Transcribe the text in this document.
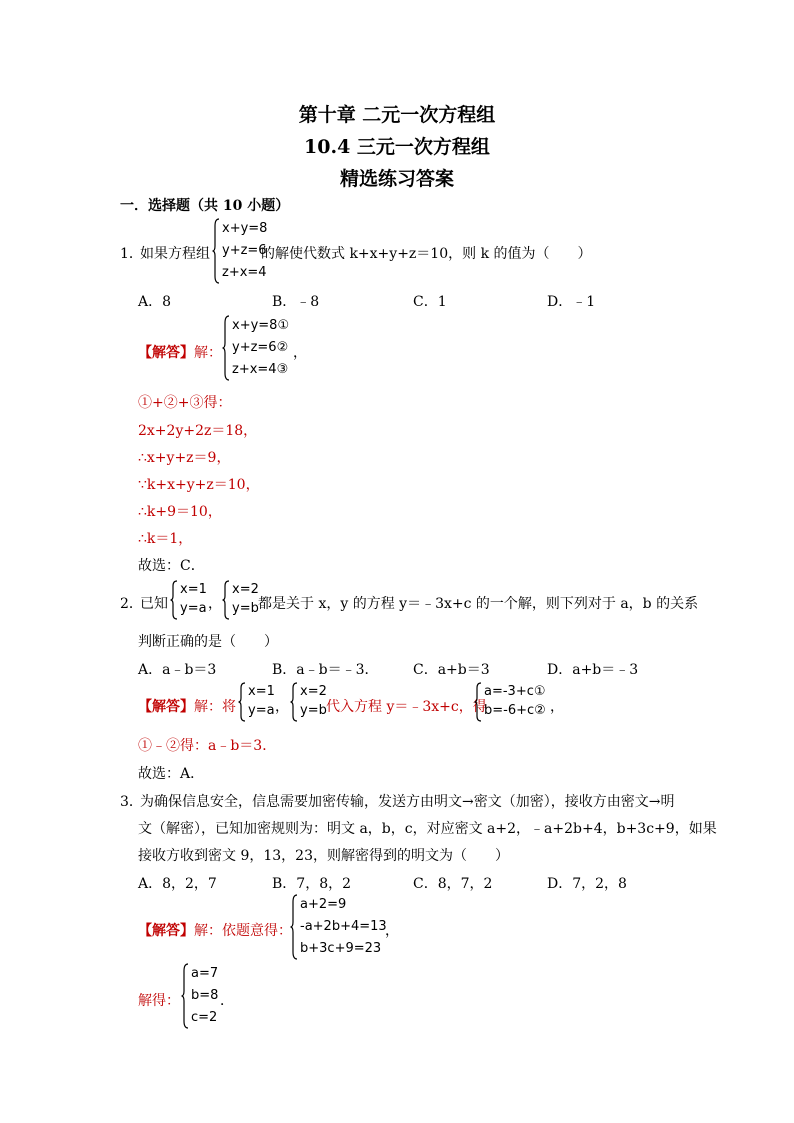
第十章 二元一次方程组
10.4 三元一次方程组
精选练习答案
一．选择题（共 10 小题）
1．
如果方程组
x+y=8
y+z=6
z+x=4
的解使代数式 k+x+y+z＝10，则 k 的值为（　　）
A．8	B．﹣8	C．1	D．﹣1
【解答】 解：
x+y=8①
y+z=6②
z+x=4③
，
①+②+③得：
2x+2y+2z＝18，
∴x+y+z＝9，
∵k+x+y+z＝10，
∴k+9＝10，
∴k＝1，
故选：C．
2．
已知
x=1
y=a ，
x=2
y=b 都是关于 x，y 的方程 y＝﹣3x+c 的一个解，则下列对于 a，b 的关系
判断正确的是（　　）
A．a﹣b＝3	B．a﹣b＝﹣3． C．a+b＝3	D．a+b＝﹣3
【解答】 解：将
x=1
y=a ，
x=2
y=b 代入方程 y＝﹣3x+c，得
a=-3+c①
b=-6+c② ，
①﹣②得：a﹣b＝3．
故选：A．
3．
为确保信息安全，信息需要加密传输，发送方由明文→密文（加密），接收方由密文→明
文（解密），已知加密规则为：明文 a，b，c，对应密文 a+2，﹣a+2b+4，b+3c+9，如果
接收方收到密文 9，13，23，则解密得到的明文为（　　）
A．8，2，7	B．7，8，2	C．8，7，2	D．7，2，8
【解答】 解：依题意得：
a+2=9
-a+2b+4=13
b+3c+9=23
，
解得：
a=7
b=8
c=2
．
